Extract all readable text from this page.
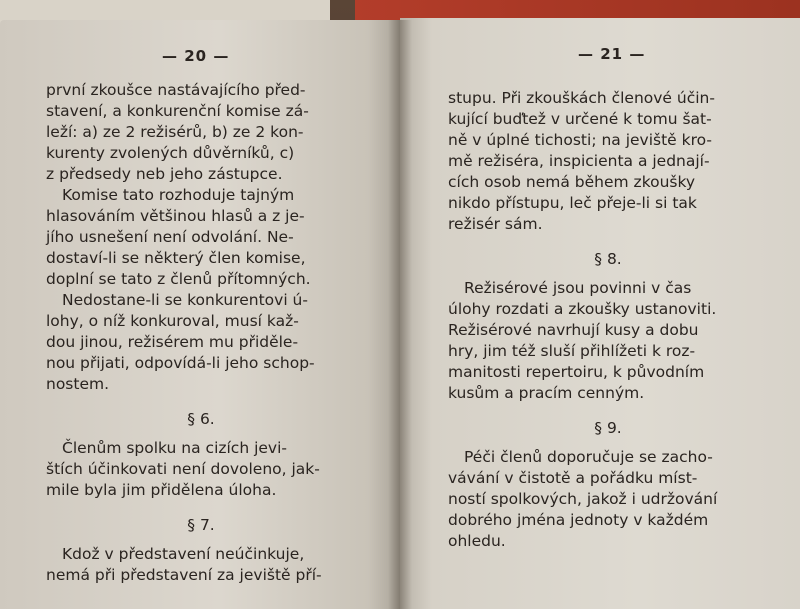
— 20 —
první zkoušce nastávajícího před-
stavení, a konkurenční komise zá-
leží: a) ze 2 režisérů, b) ze 2 kon-
kurenty zvolených důvěrníků, c)
z předsedy neb jeho zástupce.
Komise tato rozhoduje tajným
hlasováním většinou hlasů a z je-
jího usnešení není odvolání. Ne-
dostaví-li se některý člen komise,
doplní se tato z členů přítomných.
Nedostane-li se konkurentovi ú-
lohy, o níž konkuroval, musí kaž-
dou jinou, režisérem mu přiděle-
nou přijati, odpovídá-li jeho schop-
nostem.
§ 6.
Členům spolku na cizích jevi-
štích účinkovati není dovoleno, jak-
mile byla jim přidělena úloha.
§ 7.
Kdož v představení neúčinkuje,
nemá při představení za jeviště pří-
— 21 —
stupu. Při zkouškách členové účin-
kující buďtež v určené k tomu šat-
ně v úplné tichosti; na jeviště kro-
mě režiséra, inspicienta a jednají-
cích osob nemá během zkoušky
nikdo přístupu, leč přeje-li si tak
režisér sám.
§ 8.
Režisérové jsou povinni v čas
úlohy rozdati a zkoušky ustanoviti.
Režisérové navrhují kusy a dobu
hry, jim též sluší přihlížeti k roz-
manitosti repertoiru, k původním
kusům a pracím cenným.
§ 9.
Péči členů doporučuje se zacho-
vávání v čistotě a pořádku míst-
ností spolkových, jakož i udržování
dobrého jména jednoty v každém
ohledu.
